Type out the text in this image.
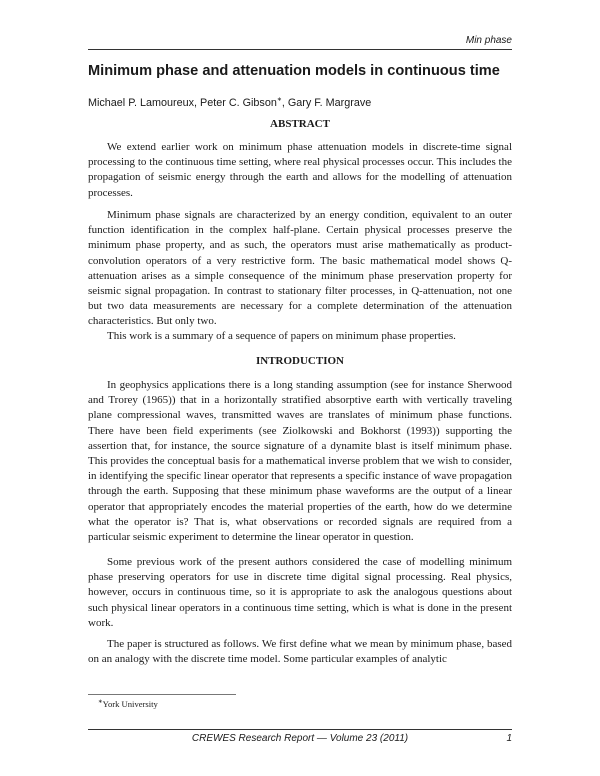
Min phase
Minimum phase and attenuation models in continuous time
Michael P. Lamoureux, Peter C. Gibson∗, Gary F. Margrave
ABSTRACT

We extend earlier work on minimum phase attenuation models in discrete-time signal processing to the continuous time setting, where real physical processes occur. This includes the propagation of seismic energy through the earth and allows for the modelling of attenuation processes.

Minimum phase signals are characterized by an energy condition, equivalent to an outer function identification in the complex half-plane. Certain physical processes preserve the minimum phase property, and as such, the operators must arise mathematically as product-convolution operators of a very restrictive form. The basic mathematical model shows Q-attenuation arises as a simple consequence of the minimum phase preservation property for seismic signal propagation. In contrast to stationary filter processes, in Q-attenuation, not one but two data measurements are necessary for a complete determination of the attenuation characteristics. But only two.

This work is a summary of a sequence of papers on minimum phase properties.

INTRODUCTION

In geophysics applications there is a long standing assumption (see for instance Sherwood and Trorey (1965)) that in a horizontally stratified absorptive earth with vertically traveling plane compressional waves, transmitted waves are translates of minimum phase functions. There have been field experiments (see Ziolkowski and Bokhorst (1993)) supporting the assertion that, for instance, the source signature of a dynamite blast is itself minimum phase. This provides the conceptual basis for a mathematical inverse problem that we wish to consider, in identifying the specific linear operator that represents a specific instance of wave propagation through the earth. Supposing that these minimum phase waveforms are the output of a linear operator that appropriately encodes the material properties of the earth, how do we determine what the operator is? That is, what observations or recorded signals are required from a particular seismic experiment to determine the linear operator in question.

Some previous work of the present authors considered the case of modelling minimum phase preserving operators for use in discrete time digital signal processing. Real physics, however, occurs in continuous time, so it is appropriate to ask the analogous questions about such physical linear operators in a continuous time setting, which is what is done in the present work.

The paper is structured as follows. We first define what we mean by minimum phase, based on an analogy with the discrete time model. Some particular examples of analytic

∗York University
CREWES Research Report — Volume 23 (2011)	1
